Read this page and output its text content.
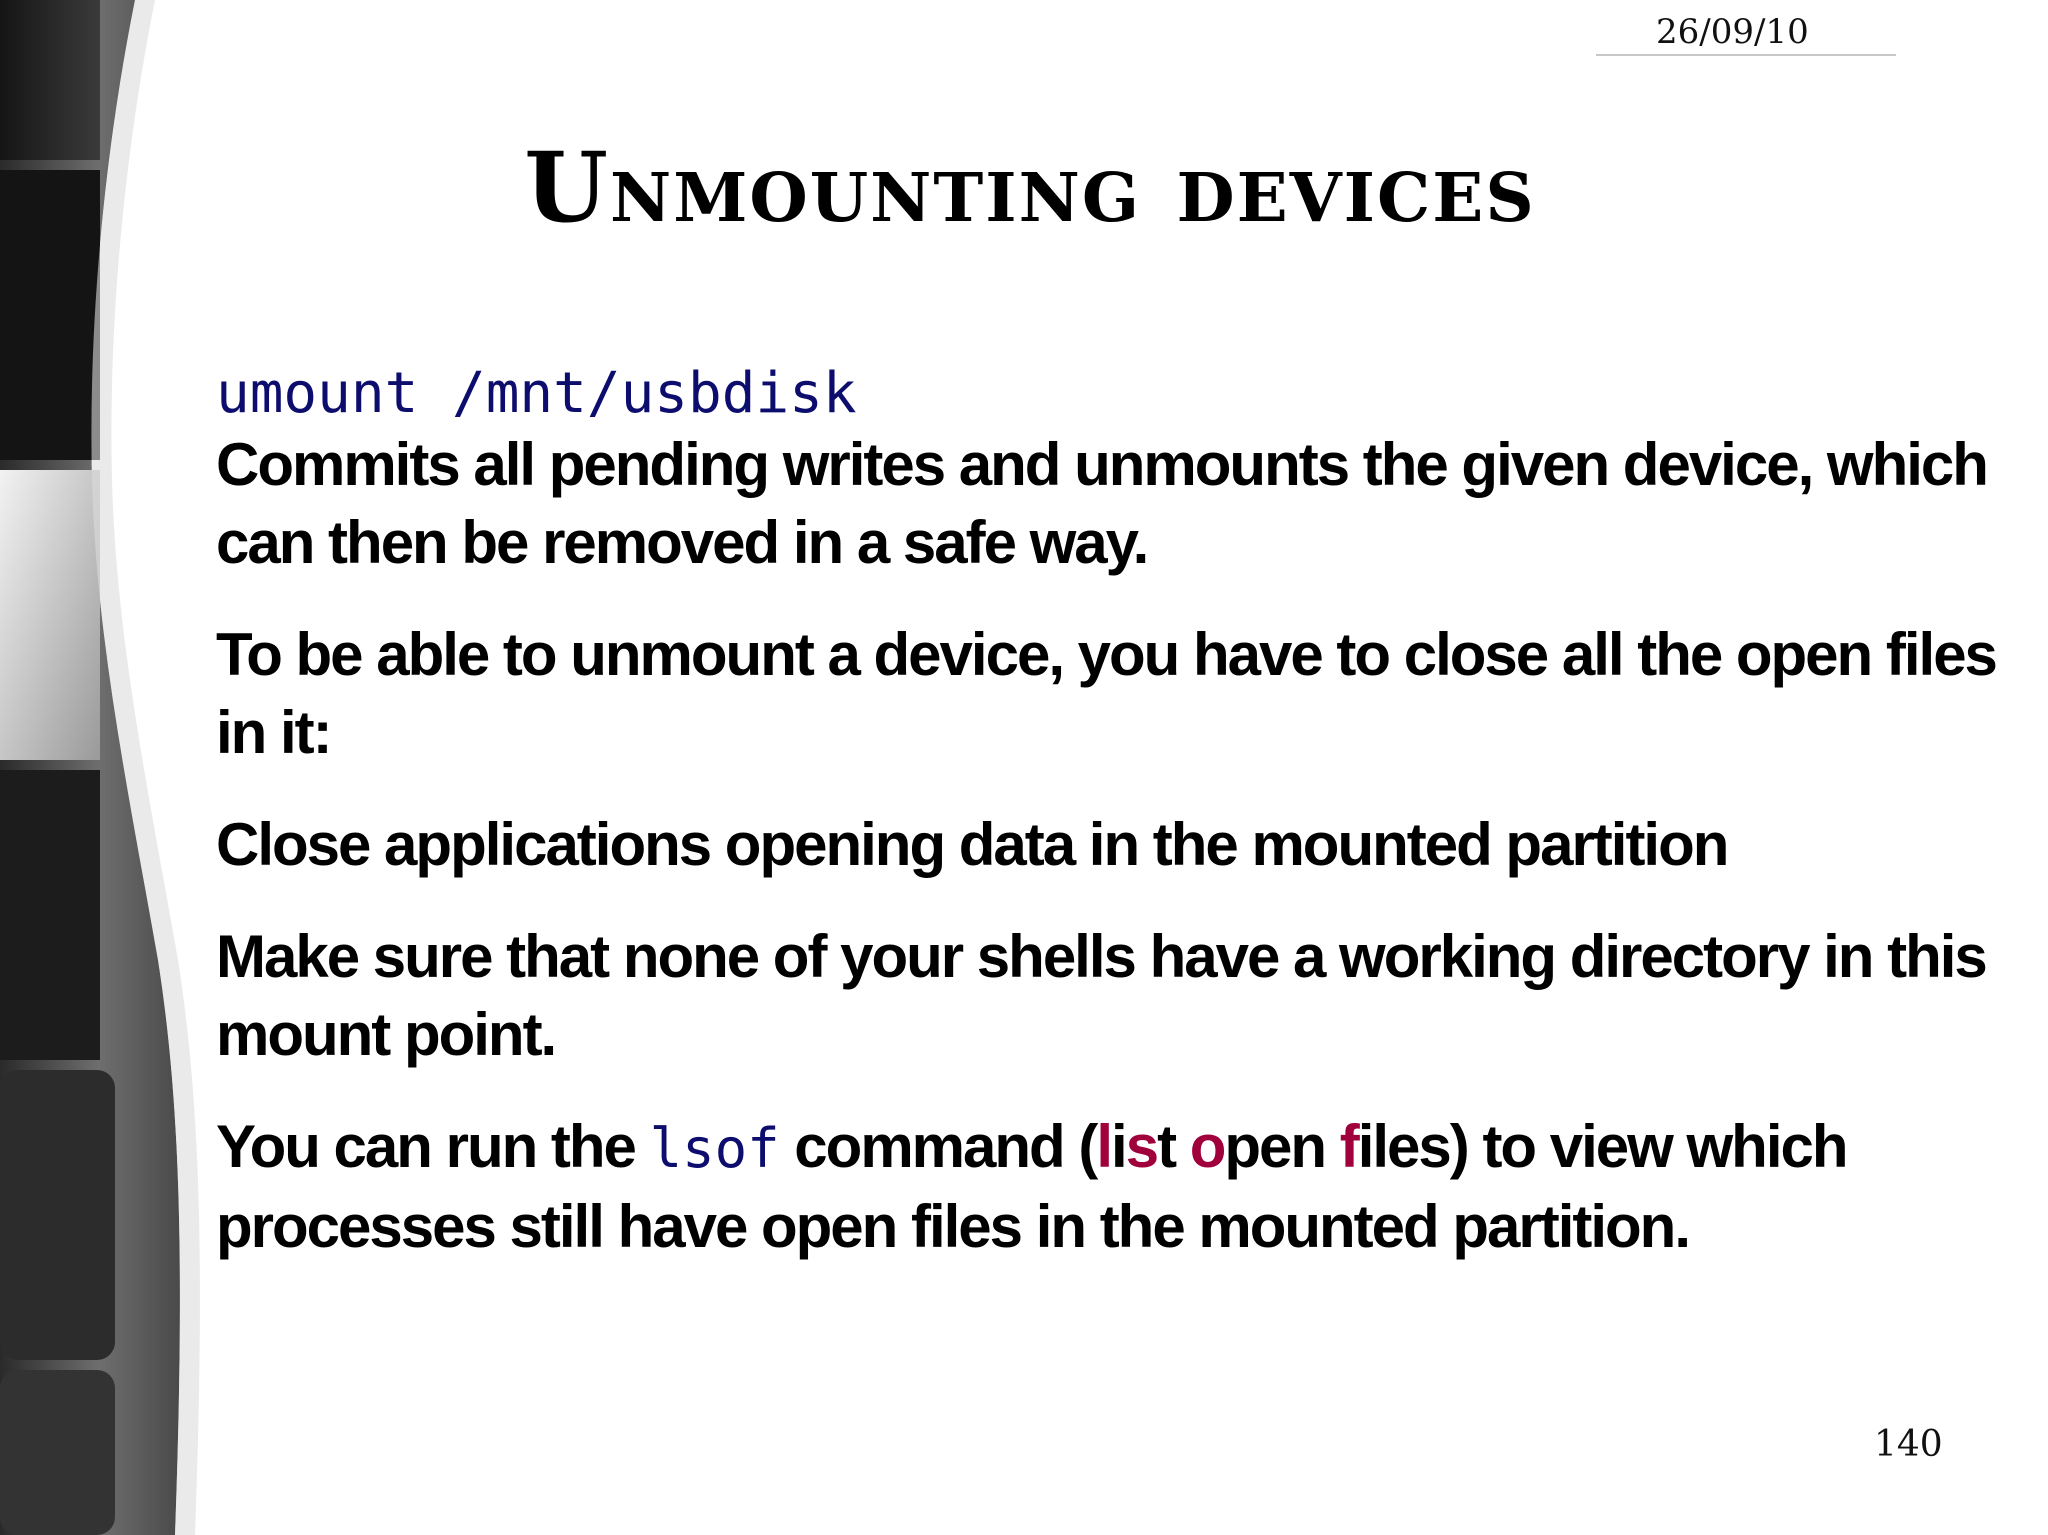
26/09/10
Unmounting devices

umount /mnt/usbdisk

Commits all pending writes and unmounts the given device, which can then be removed in a safe way.

To be able to unmount a device, you have to close all the open files in it:

Close applications opening data in the mounted partition

Make sure that none of your shells have a working directory in this mount point.

You can run the lsof command (list open files) to view which processes still have open files in the mounted partition.

140
